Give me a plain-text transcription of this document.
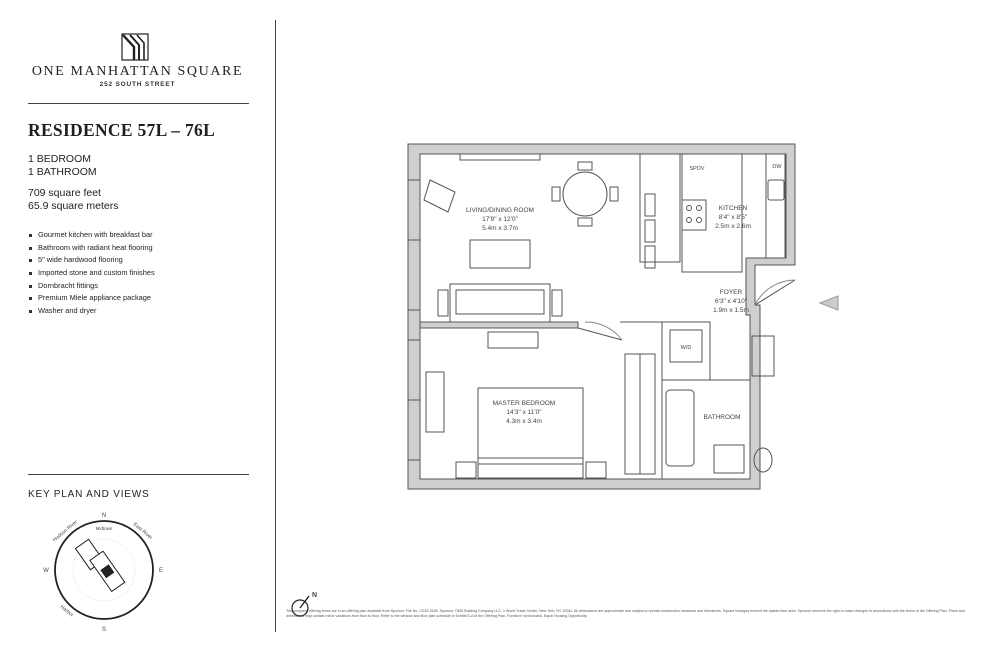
ONE MANHATTAN SQUARE
252 SOUTH STREET
RESIDENCE 57L – 76L
1 BEDROOM
1 BATHROOM
709 square feet
65.9 square meters
Gourmet kitchen with breakfast bar
Bathroom with radiant heat flooring
5" wide hardwood flooring
Imported stone and custom finishes
Dornbracht fittings
Premium Miele appliance package
Washer and dryer
KEY PLAN AND VIEWS
N
S
E
W
Hudson River	East River
Midtown
Harbor
LIVING/DINING ROOM
17'9" x 12'0"
5.4m x 3.7m
KITCHEN
8'4" x 8'5"
2.5m x 2.6m
FOYER
6'3" x 4'10"
1.9m x 1.5m
MASTER BEDROOM
14'3" x 11'0"
4.3m x 3.4m
BATHROOM
SPDV	DW
W/D
N
The complete offering terms are in an offering plan available from Sponsor. File No. CD16-0180. Sponsor: OMS Building Company LLC, 1 World Trade Center, New York, NY 10281. All dimensions are approximate and subject to normal construction variances and tolerances. Square footages exceed the usable floor area. Sponsor reserves the right to make changes in accordance with the terms of the Offering Plan. Plans and dimensions may contain minor variations from floor to floor. Refer to the window and floor plan schedule in Exhibit E-A of the Offering Plan. Furniture not included. Equal Housing Opportunity.
